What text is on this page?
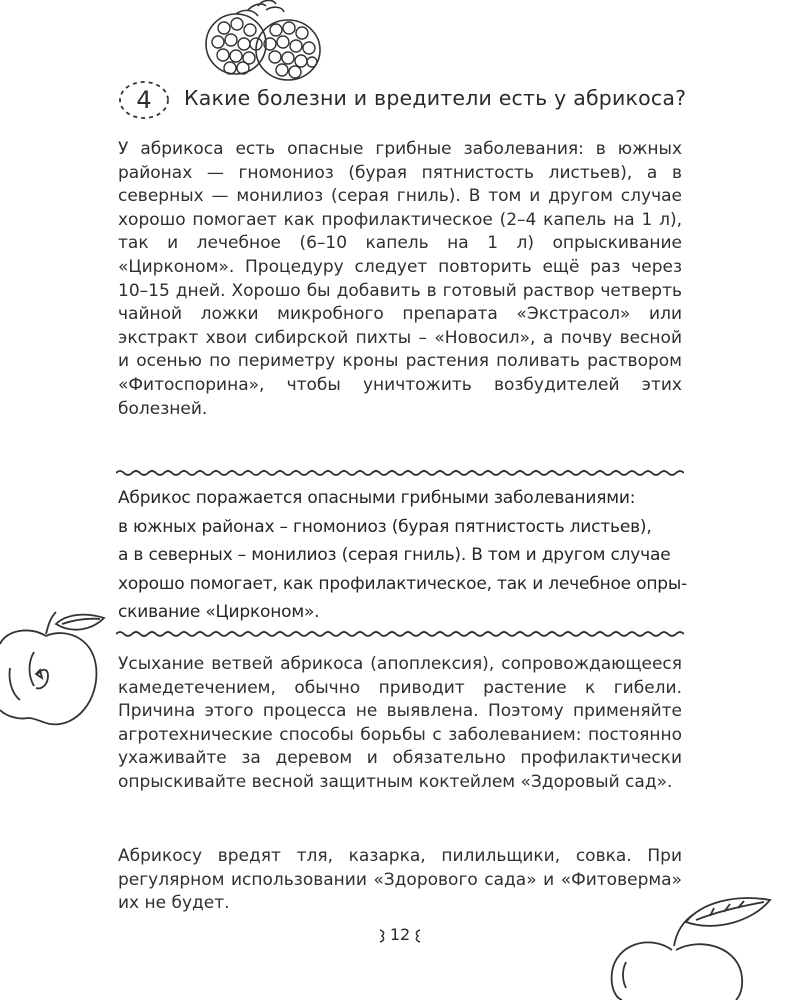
4	Какие болезни и вредители есть у абрикоса?
У абрикоса есть опасные грибные заболевания: в южных районах — гномониоз (бурая пятнистость листьев), а в северных — монилиоз (серая гниль). В том и другом случае хорошо помогает как профилактическое (2–4 капель на 1 л), так и лечебное (6–10 капель на 1 л) опрыскивание «Цирконом». Процедуру следует повторить ещё раз через 10–15 дней. Хорошо бы добавить в готовый раствор четверть чайной ложки микробного препарата «Экстрасол» или экстракт хвои сибирской пихты – «Новосил», а почву весной и осенью по периметру кроны растения поливать раствором «Фитоспорина», чтобы уничтожить возбудителей этих болезней.
Абрикос поражается опасными грибными заболеваниями:
в южных районах – гномониоз (бурая пятнистость листьев),
а в северных – монилиоз (серая гниль). В том и другом случае
хорошо помогает, как профилактическое, так и лечебное опры-
скивание «Цирконом».
Усыхание ветвей абрикоса (апоплексия), сопровождающееся камедетечением, обычно приводит растение к гибели. Причина этого процесса не выявлена. Поэтому применяйте агротехнические способы борьбы с заболеванием: постоянно ухаживайте за деревом и обязательно профилактически опрыскивайте весной защитным коктейлем «Здоровый сад».
Абрикосу вредят тля, казарка, пилильщики, совка. При регулярном использовании «Здорового сада» и «Фитоверма» их не будет.
12
